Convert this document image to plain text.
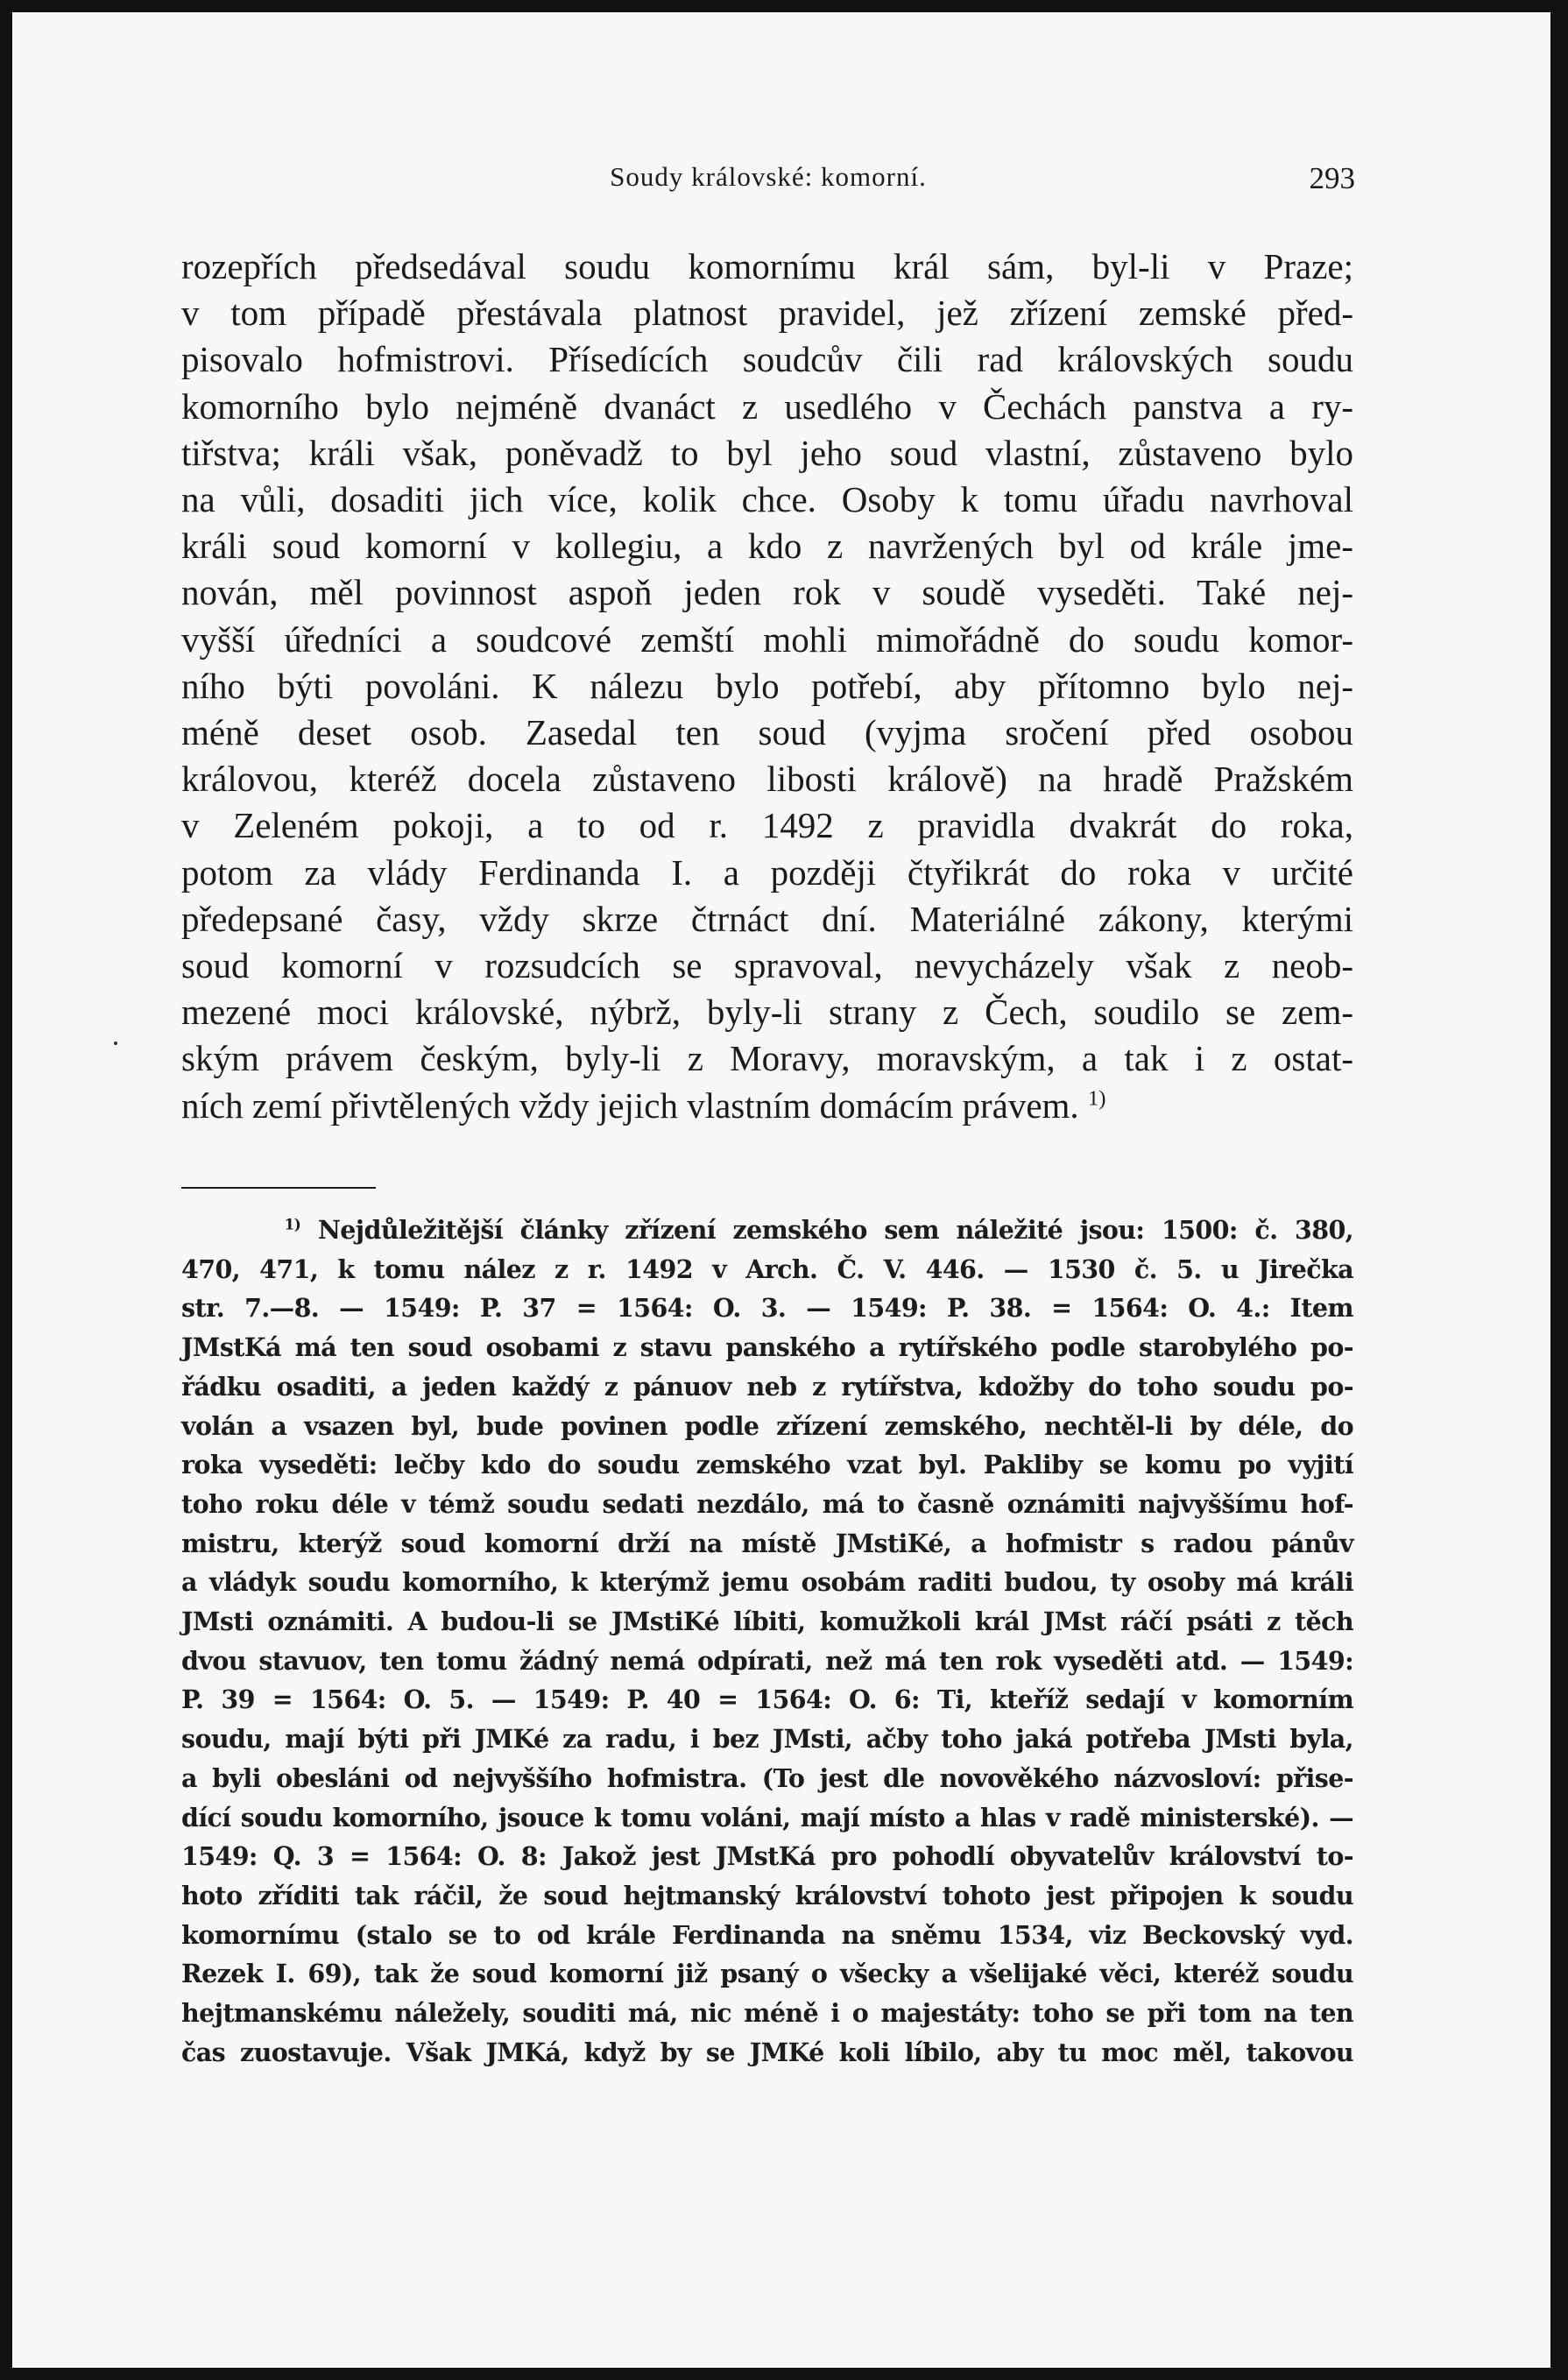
Soudy královské: komorní.	293
rozepřích předsedával soudu komornímu král sám, byl-li v Praze;
v tom případě přestávala platnost pravidel, jež zřízení zemské před-
pisovalo hofmistrovi. Přísedících soudcův čili rad královských soudu
komorního bylo nejméně dvanáct z usedlého v Čechách panstva a ry-
tiřstva; králi však, poněvadž to byl jeho soud vlastní, zůstaveno bylo
na vůli, dosaditi jich více, kolik chce. Osoby k tomu úřadu navrhoval
králi soud komorní v kollegiu, a kdo z navržených byl od krále jme-
nován, měl povinnost aspoň jeden rok v soudě vyseděti. Také nej-
vyšší úředníci a soudcové zemští mohli mimořádně do soudu komor-
ního býti povoláni. K nálezu bylo potřebí, aby přítomno bylo nej-
méně deset osob. Zasedal ten soud (vyjma sročení před osobou
královou, kteréž docela zůstaveno libosti královĕ) na hradě Pražském
v Zeleném pokoji, a to od r. 1492 z pravidla dvakrát do roka,
potom za vlády Ferdinanda I. a později čtyřikrát do roka v určité
předepsané časy, vždy skrze čtrnáct dní. Materiálné zákony, kterými
soud komorní v rozsudcích se spravoval, nevycházely však z neob-
mezené moci královské, nýbrž, byly-li strany z Čech, soudilo se zem-
ským právem českým, byly-li z Moravy, moravským, a tak i z ostat-
ních zemí přivtělených vždy jejich vlastním domácím právem. $^{1)}$
$^{1)}$ Nejdůležitější články zřízení zemského sem náležité jsou: 1500: č. 380,
470, 471, k tomu nález z r. 1492 v Arch. Č. V. 446. — 1530 č. 5. u Jirečka
str. 7.—8. — 1549: P. 37 = 1564: O. 3. — 1549: P. 38. = 1564: O. 4.: Item
JMstKá má ten soud osobami z stavu panského a rytířského podle starobylého po-
řádku osaditi, a jeden každý z pánuov neb z rytířstva, kdožby do toho soudu po-
volán a vsazen byl, bude povinen podle zřízení zemského, nechtěl-li by déle, do
roka vyseděti: lečby kdo do soudu zemského vzat byl. Pakliby se komu po vyjití
toho roku déle v témž soudu sedati nezdálo, má to časně oznámiti najvyššímu hof-
mistru, kterýž soud komorní drží na místě JMstiKé, a hofmistr s radou pánův
a vládyk soudu komorního, k kterýmž jemu osobám raditi budou, ty osoby má králi
JMsti oznámiti. A budou-li se JMstiKé líbiti, komužkoli král JMst ráčí psáti z těch
dvou stavuov, ten tomu žádný nemá odpírati, než má ten rok vyseděti atd. — 1549:
P. 39 = 1564: O. 5. — 1549: P. 40 = 1564: O. 6: Ti, kteříž sedají v komorním
soudu, mají býti při JMKé za radu, i bez JMsti, ačby toho jaká potřeba JMsti byla,
a byli obesláni od nejvyššího hofmistra. (To jest dle novověkého názvosloví: přise-
dící soudu komorního, jsouce k tomu voláni, mají místo a hlas v radě ministerské). —
1549: Q. 3 = 1564: O. 8: Jakož jest JMstKá pro pohodlí obyvatelův království to-
hoto zříditi tak ráčil, že soud hejtmanský království tohoto jest připojen k soudu
komornímu (stalo se to od krále Ferdinanda na sněmu 1534, viz Beckovský vyd.
Rezek I. 69), tak že soud komorní již psaný o všecky a všelijaké věci, kteréž soudu
hejtmanskému náležely, souditi má, nic méně i o majestáty: toho se při tom na ten
čas zuostavuje. Však JMKá, když by se JMKé koli líbilo, aby tu moc měl, takovou
